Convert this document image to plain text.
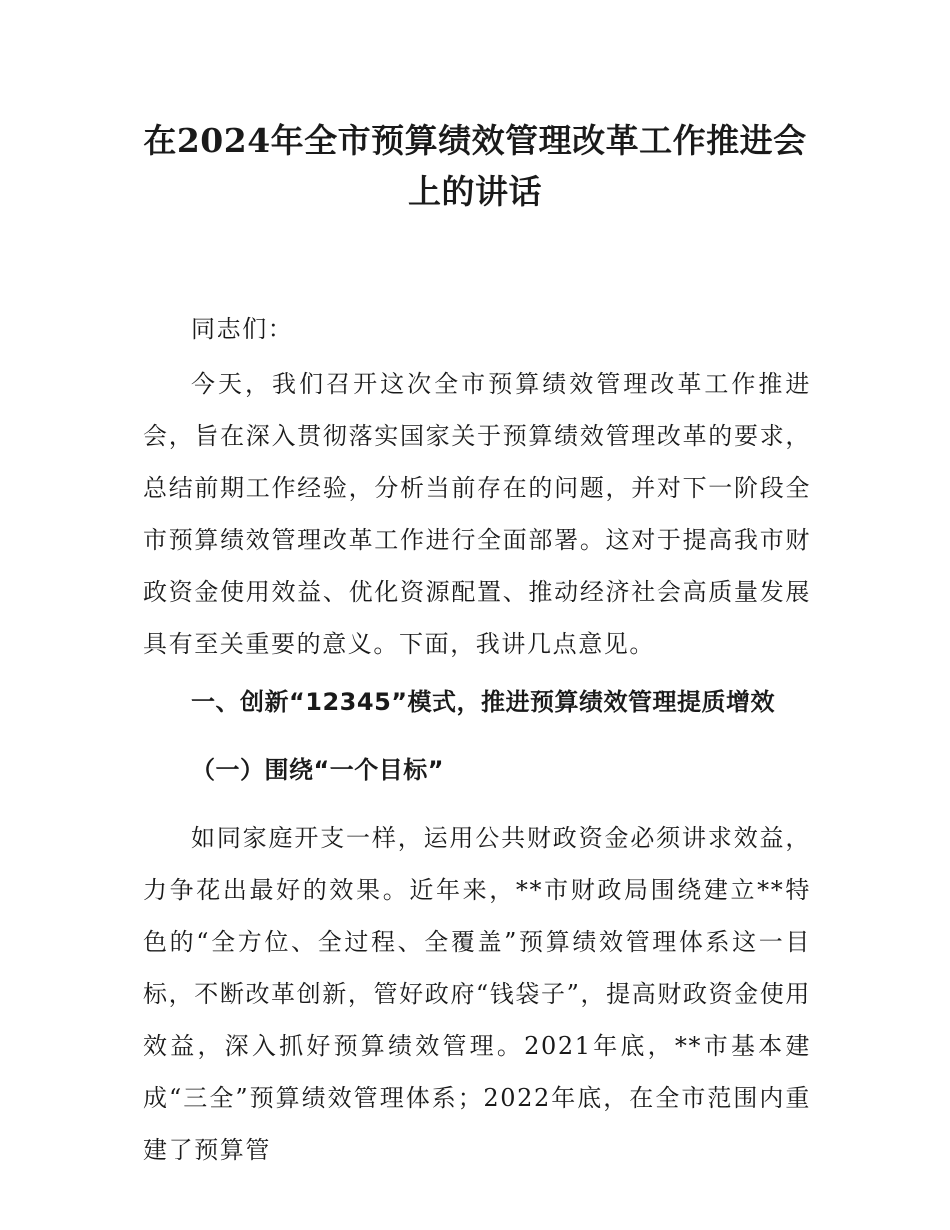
在2024年全市预算绩效管理改革工作推进会
上的讲话

同志们：

今天，我们召开这次全市预算绩效管理改革工作推进会，旨在深入贯彻落实国家关于预算绩效管理改革的要求，总结前期工作经验，分析当前存在的问题，并对下一阶段全市预算绩效管理改革工作进行全面部署。这对于提高我市财政资金使用效益、优化资源配置、推动经济社会高质量发展具有至关重要的意义。下面，我讲几点意见。

一、创新“12345”模式，推进预算绩效管理提质增效
（一）围绕“一个目标”

如同家庭开支一样，运用公共财政资金必须讲求效益，力争花出最好的效果。近年来，**市财政局围绕建立**特色的“全方位、全过程、全覆盖”预算绩效管理体系这一目标，不断改革创新，管好政府“钱袋子”，提高财政资金使用效益，深入抓好预算绩效管理。2021年底，**市基本建成“三全”预算绩效管理体系；2022年底，在全市范围内重建了预算管
